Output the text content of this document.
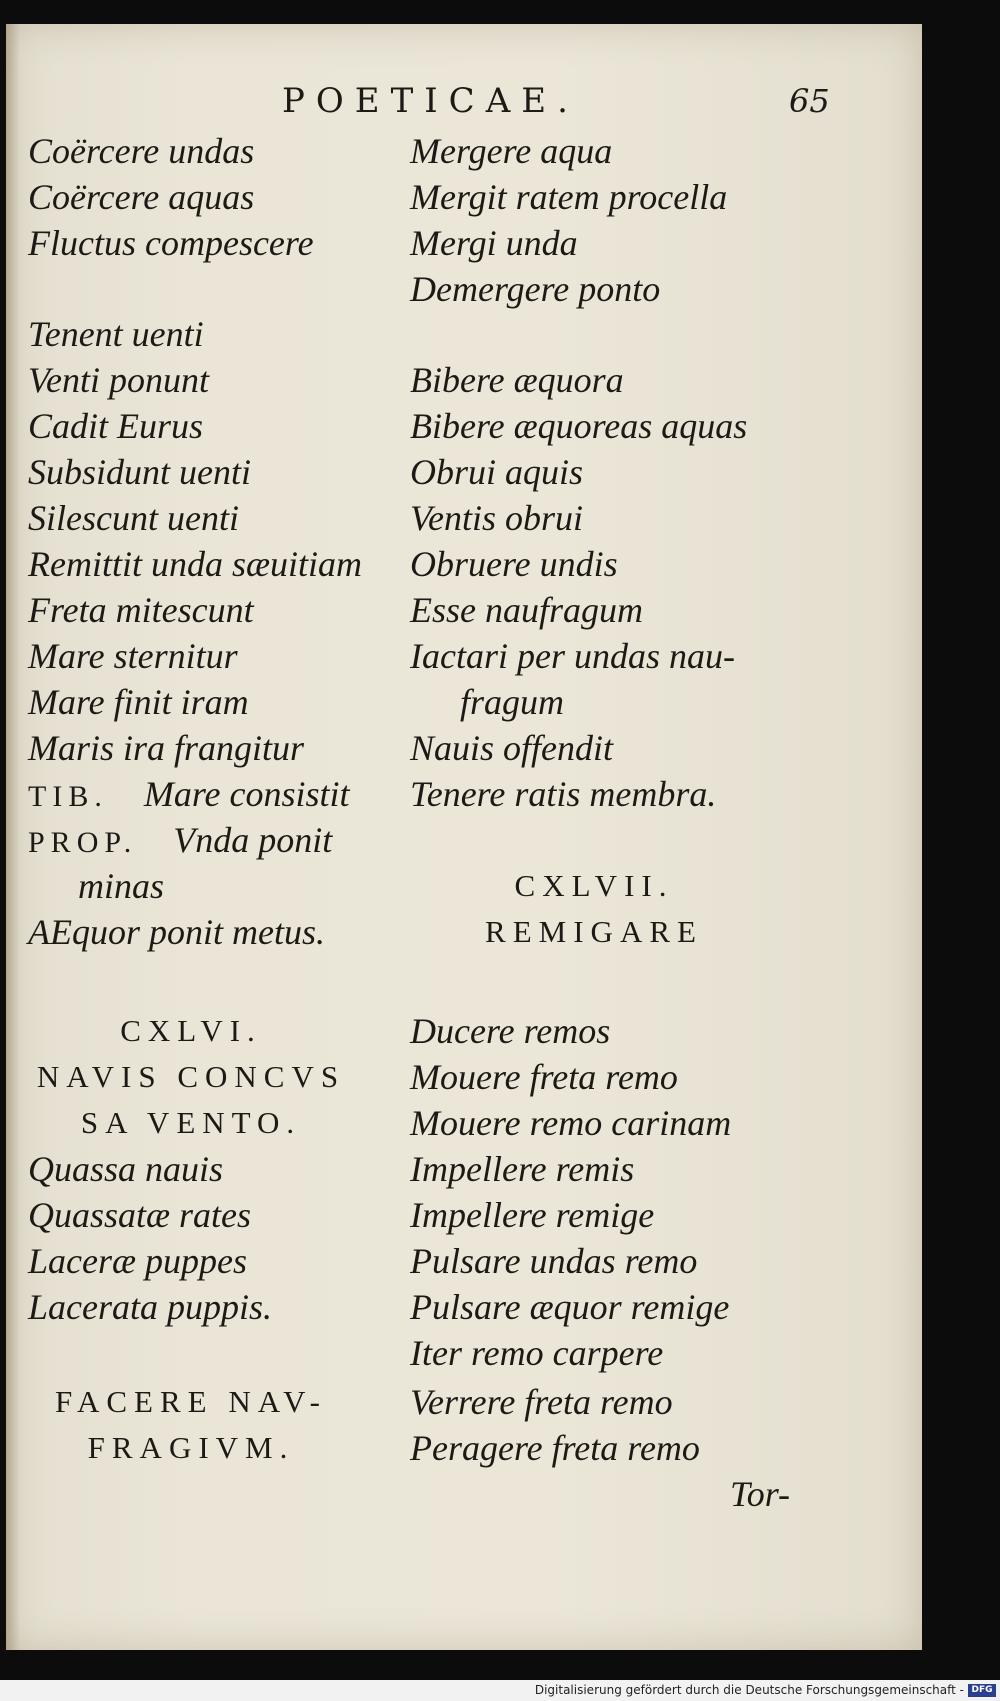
POETICAE.	65
Coërcere undas
Coërcere aquas
Fluctus compescere
Tenent uenti
Venti ponunt
Cadit Eurus
Subsidunt uenti
Silescunt uenti
Remittit unda sæuitiam
Freta mitescunt
Mare sternitur
Mare finit iram
Maris ira frangitur
TIB.  Mare consistit
PROP.  Vnda ponit
minas
AEquor ponit metus.
CXLVI.
NAVIS CONCVS
SA VENTO.
Quassa nauis
Quassatæ rates
Laceræ puppes
Lacerata puppis.
FACERE NAV-
FRAGIVM.
Mergere aqua
Mergit ratem procella
Mergi unda
Demergere ponto
Bibere æquora
Bibere æquoreas aquas
Obrui aquis
Ventis obrui
Obruere undis
Esse naufragum
Iactari per undas nau-
fragum
Nauis offendit
Tenere ratis membra.
CXLVII.
REMIGARE
Ducere remos
Mouere freta remo
Mouere remo carinam
Impellere remis
Impellere remige
Pulsare undas remo
Pulsare æquor remige
Iter remo carpere
Verrere freta remo
Peragere freta remo
Tor-
Digitalisierung gefördert durch die Deutsche Forschungsgemeinschaft - DFG
